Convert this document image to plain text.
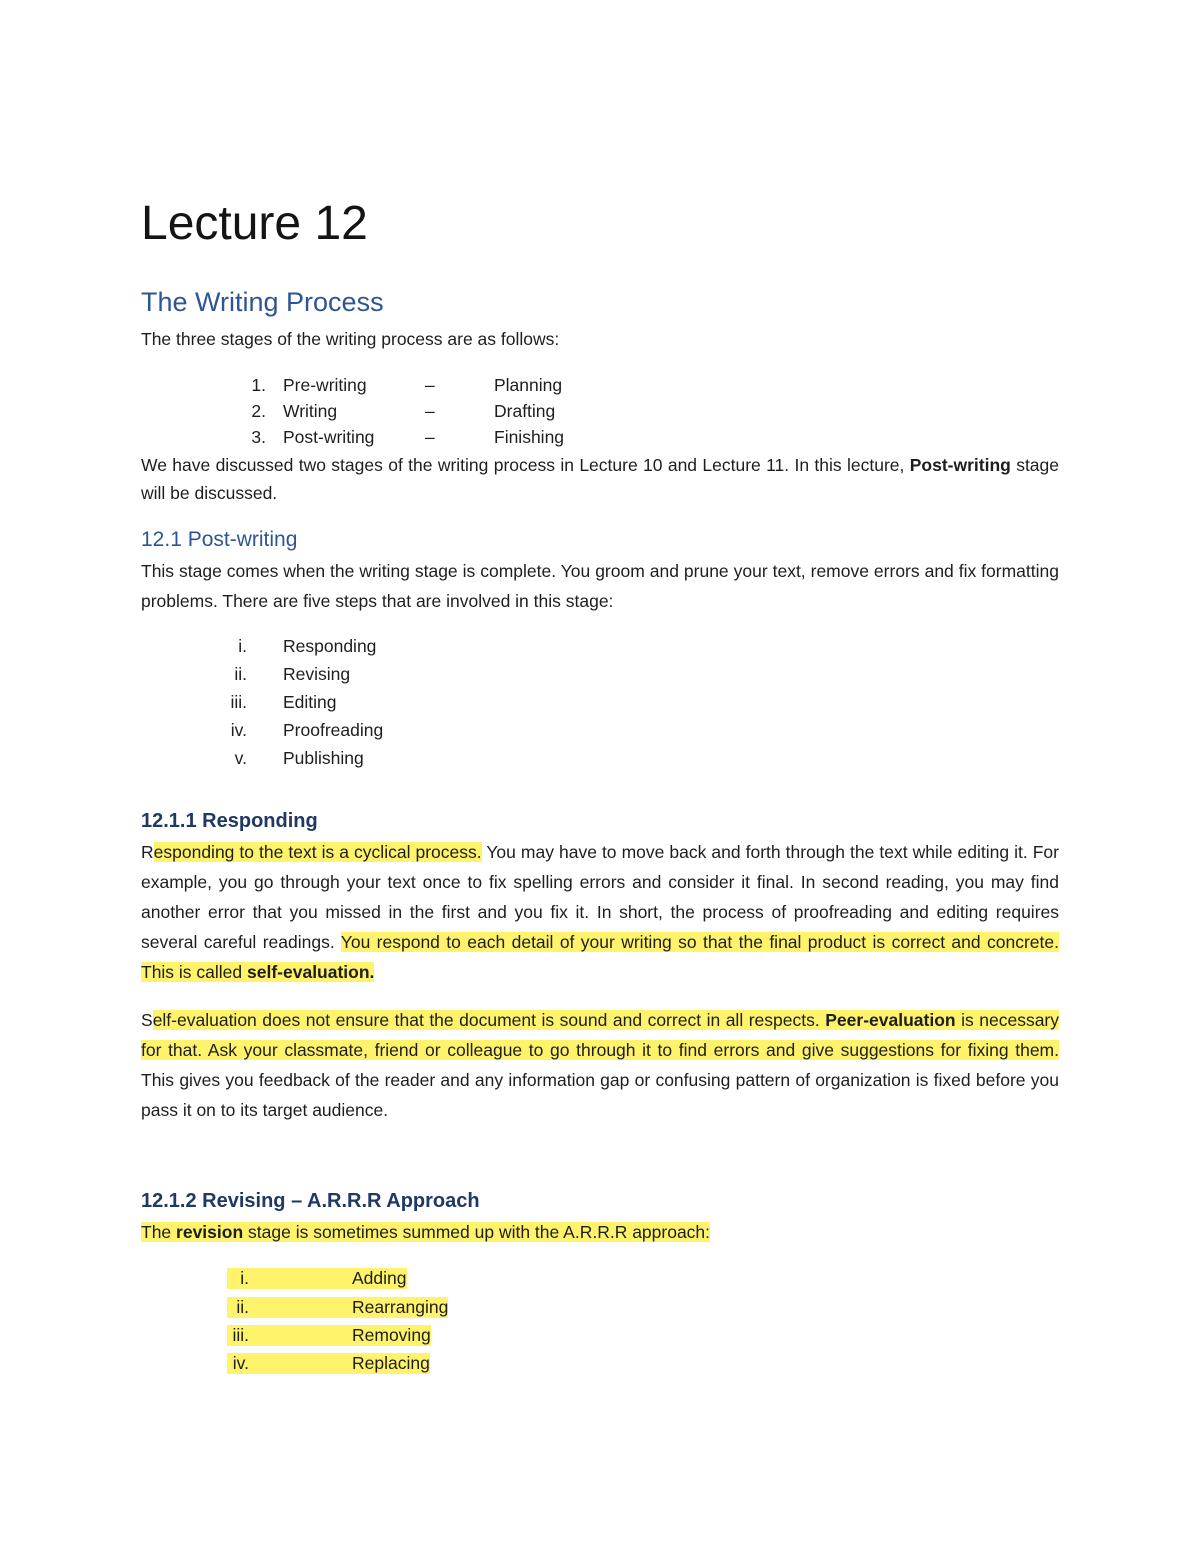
Lecture 12
The Writing Process
The three stages of the writing process are as follows:
1. Pre-writing	–	Planning
2. Writing	–	Drafting
3. Post-writing	–	Finishing
We have discussed two stages of the writing process in Lecture 10 and Lecture 11. In this lecture, Post-writing stage will be discussed.
12.1 Post-writing
This stage comes when the writing stage is complete. You groom and prune your text, remove errors and fix formatting problems. There are five steps that are involved in this stage:
i. Responding
ii. Revising
iii. Editing
iv. Proofreading
v. Publishing
12.1.1 Responding
Responding to the text is a cyclical process. You may have to move back and forth through the text while editing it. For example, you go through your text once to fix spelling errors and consider it final. In second reading, you may find another error that you missed in the first and you fix it. In short, the process of proofreading and editing requires several careful readings. You respond to each detail of your writing so that the final product is correct and concrete. This is called self-evaluation.
Self-evaluation does not ensure that the document is sound and correct in all respects. Peer-evaluation is necessary for that. Ask your classmate, friend or colleague to go through it to find errors and give suggestions for fixing them. This gives you feedback of the reader and any information gap or confusing pattern of organization is fixed before you pass it on to its target audience.
12.1.2 Revising – A.R.R.R Approach
The revision stage is sometimes summed up with the A.R.R.R approach:
i.
	Adding
ii.
	Rearranging
iii.
	Removing
iv.
	Replacing
